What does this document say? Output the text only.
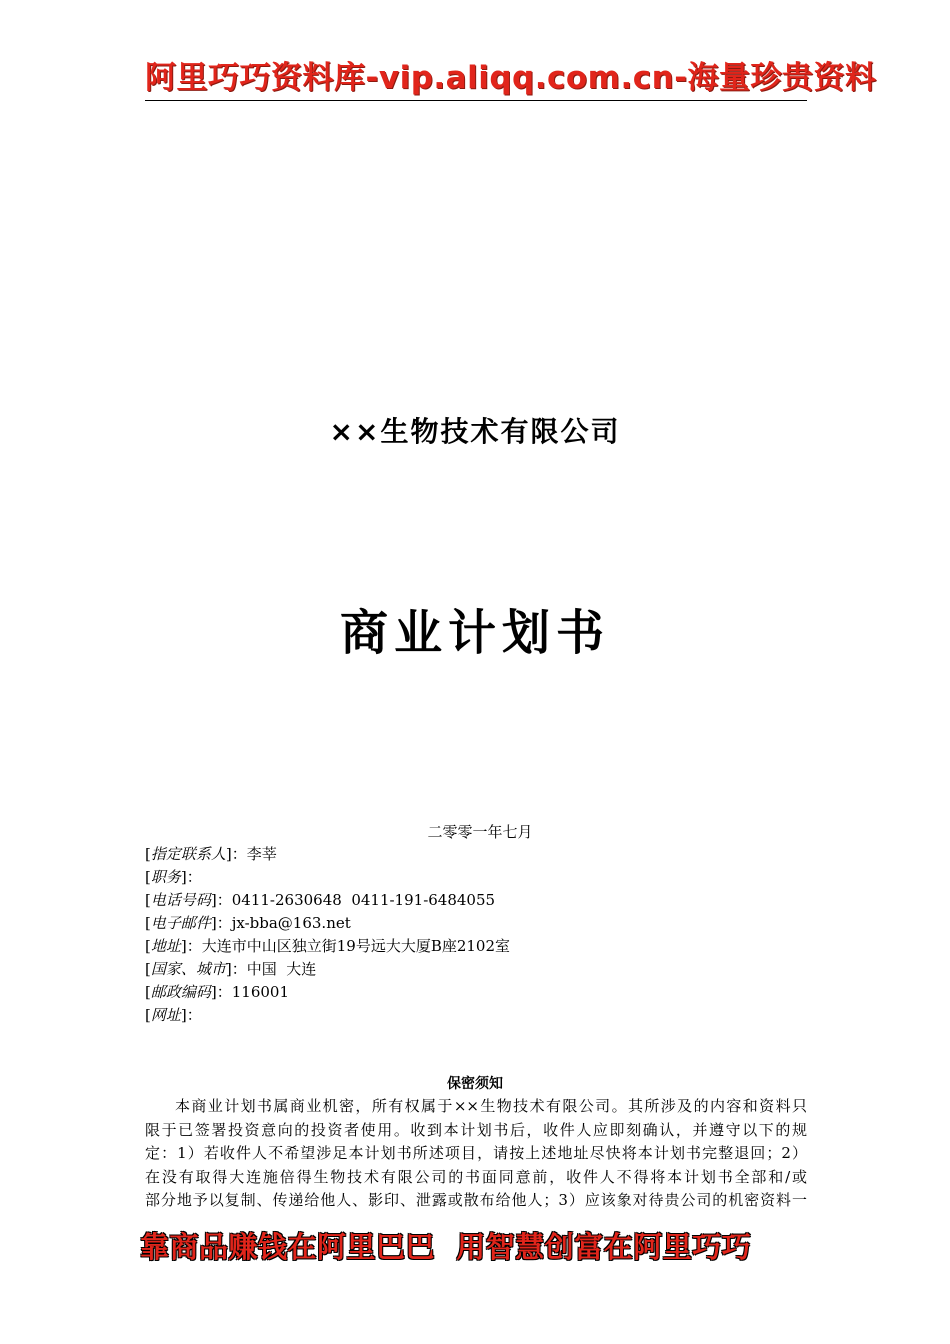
阿里巧巧资料库-vip.aliqq.com.cn-海量珍贵资料
××生物技术有限公司
商业计划书
二零零一年七月
[指定联系人]：李莘
[职务]：
[电话号码]：0411-2630648  0411-191-6484055
[电子邮件]：jx-bba@163.net
[地址]：大连市中山区独立街19号远大大厦B座2102室
[国家、城市]：中国  大连
[邮政编码]：116001
[网址]：
保密须知
本商业计划书属商业机密，所有权属于××生物技术有限公司。其所涉及的内容和资料只
限于已签署投资意向的投资者使用。收到本计划书后，收件人应即刻确认，并遵守以下的规
定：1）若收件人不希望涉足本计划书所述项目，请按上述地址尽快将本计划书完整退回；2）
在没有取得大连施倍得生物技术有限公司的书面同意前，收件人不得将本计划书全部和/或
部分地予以复制、传递给他人、影印、泄露或散布给他人；3）应该象对待贵公司的机密资料一
靠商品赚钱在阿里巴巴  用智慧创富在阿里巧巧
